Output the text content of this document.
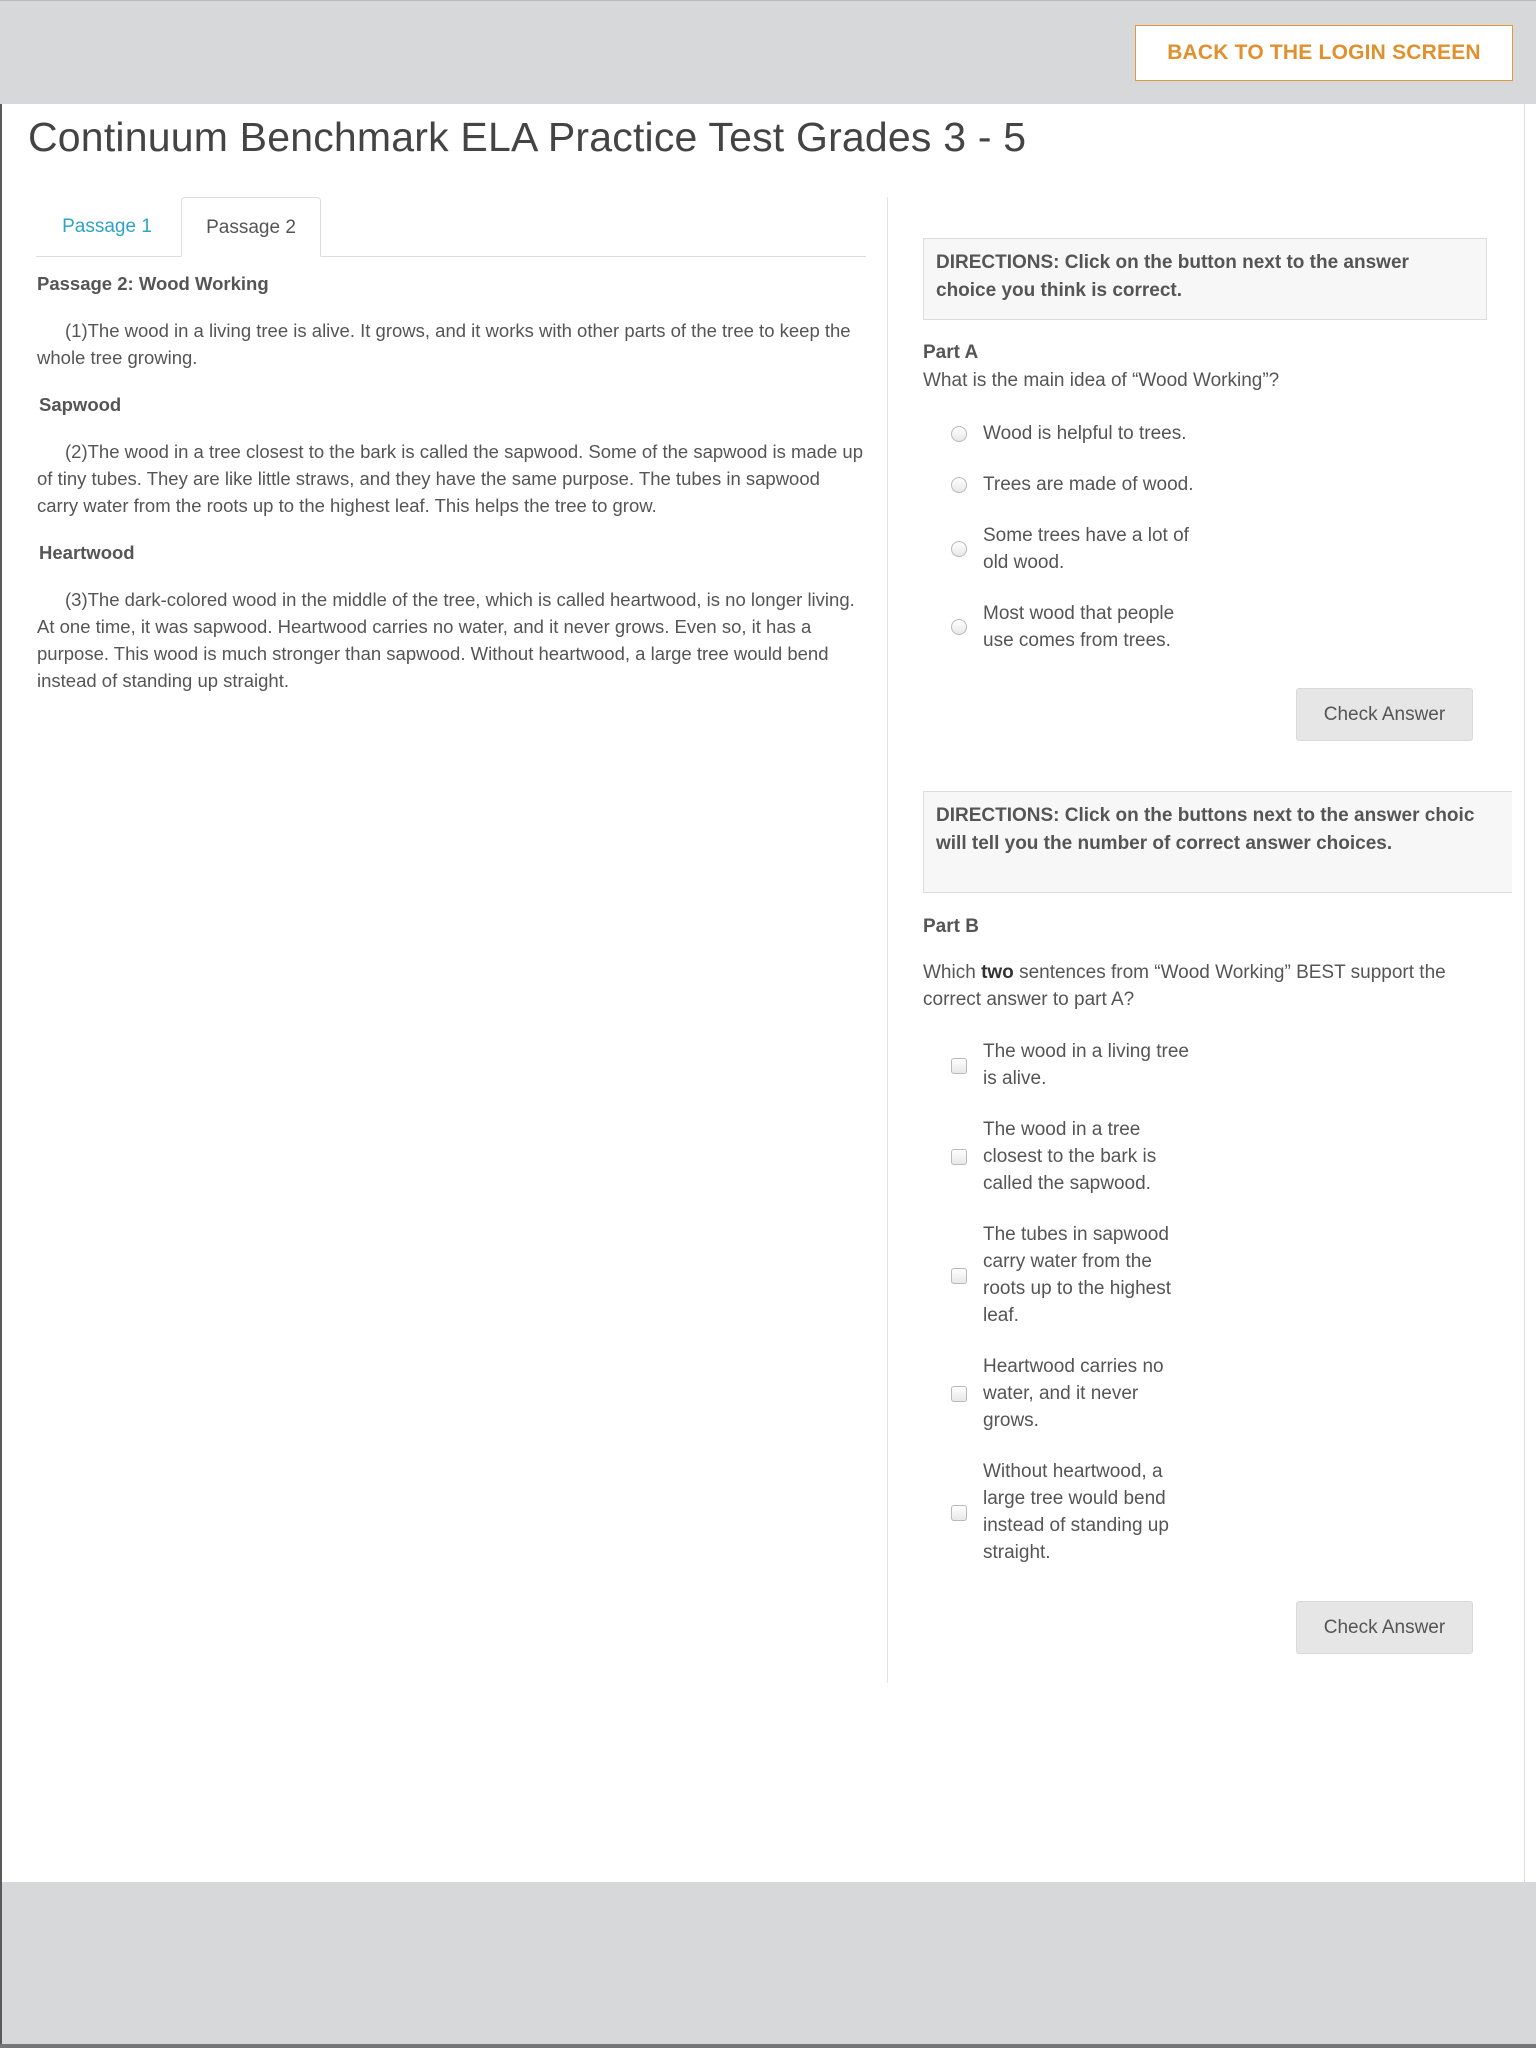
BACK TO THE LOGIN SCREEN
Continuum Benchmark ELA Practice Test Grades 3 - 5
Passage 1	Passage 2

Passage 2: Wood Working

(1)The wood in a living tree is alive. It grows, and it works with other parts of the tree to keep the whole tree growing.

Sapwood

(2)The wood in a tree closest to the bark is called the sapwood. Some of the sapwood is made up of tiny tubes. They are like little straws, and they have the same purpose. The tubes in sapwood carry water from the roots up to the highest leaf. This helps the tree to grow.

Heartwood

(3)The dark-colored wood in the middle of the tree, which is called heartwood, is no longer living. At one time, it was sapwood. Heartwood carries no water, and it never grows. Even so, it has a purpose. This wood is much stronger than sapwood. Without heartwood, a large tree would bend instead of standing up straight.

DIRECTIONS: Click on the button next to the answer choice you think is correct.
Part A
What is the main idea of “Wood Working”?
Wood is helpful to trees.
Trees are made of wood.
Some trees have a lot of
old wood.
Most wood that people
use comes from trees.
Check Answer
DIRECTIONS: Click on the buttons next to the answer choic
will tell you the number of correct answer choices.
Part B
Which two sentences from “Wood Working” BEST support the correct answer to part A?
The wood in a living tree
is alive.
The wood in a tree
closest to the bark is
called the sapwood.
The tubes in sapwood
carry water from the
roots up to the highest
leaf.
Heartwood carries no
water, and it never
grows.
Without heartwood, a
large tree would bend
instead of standing up
straight.
Check Answer
